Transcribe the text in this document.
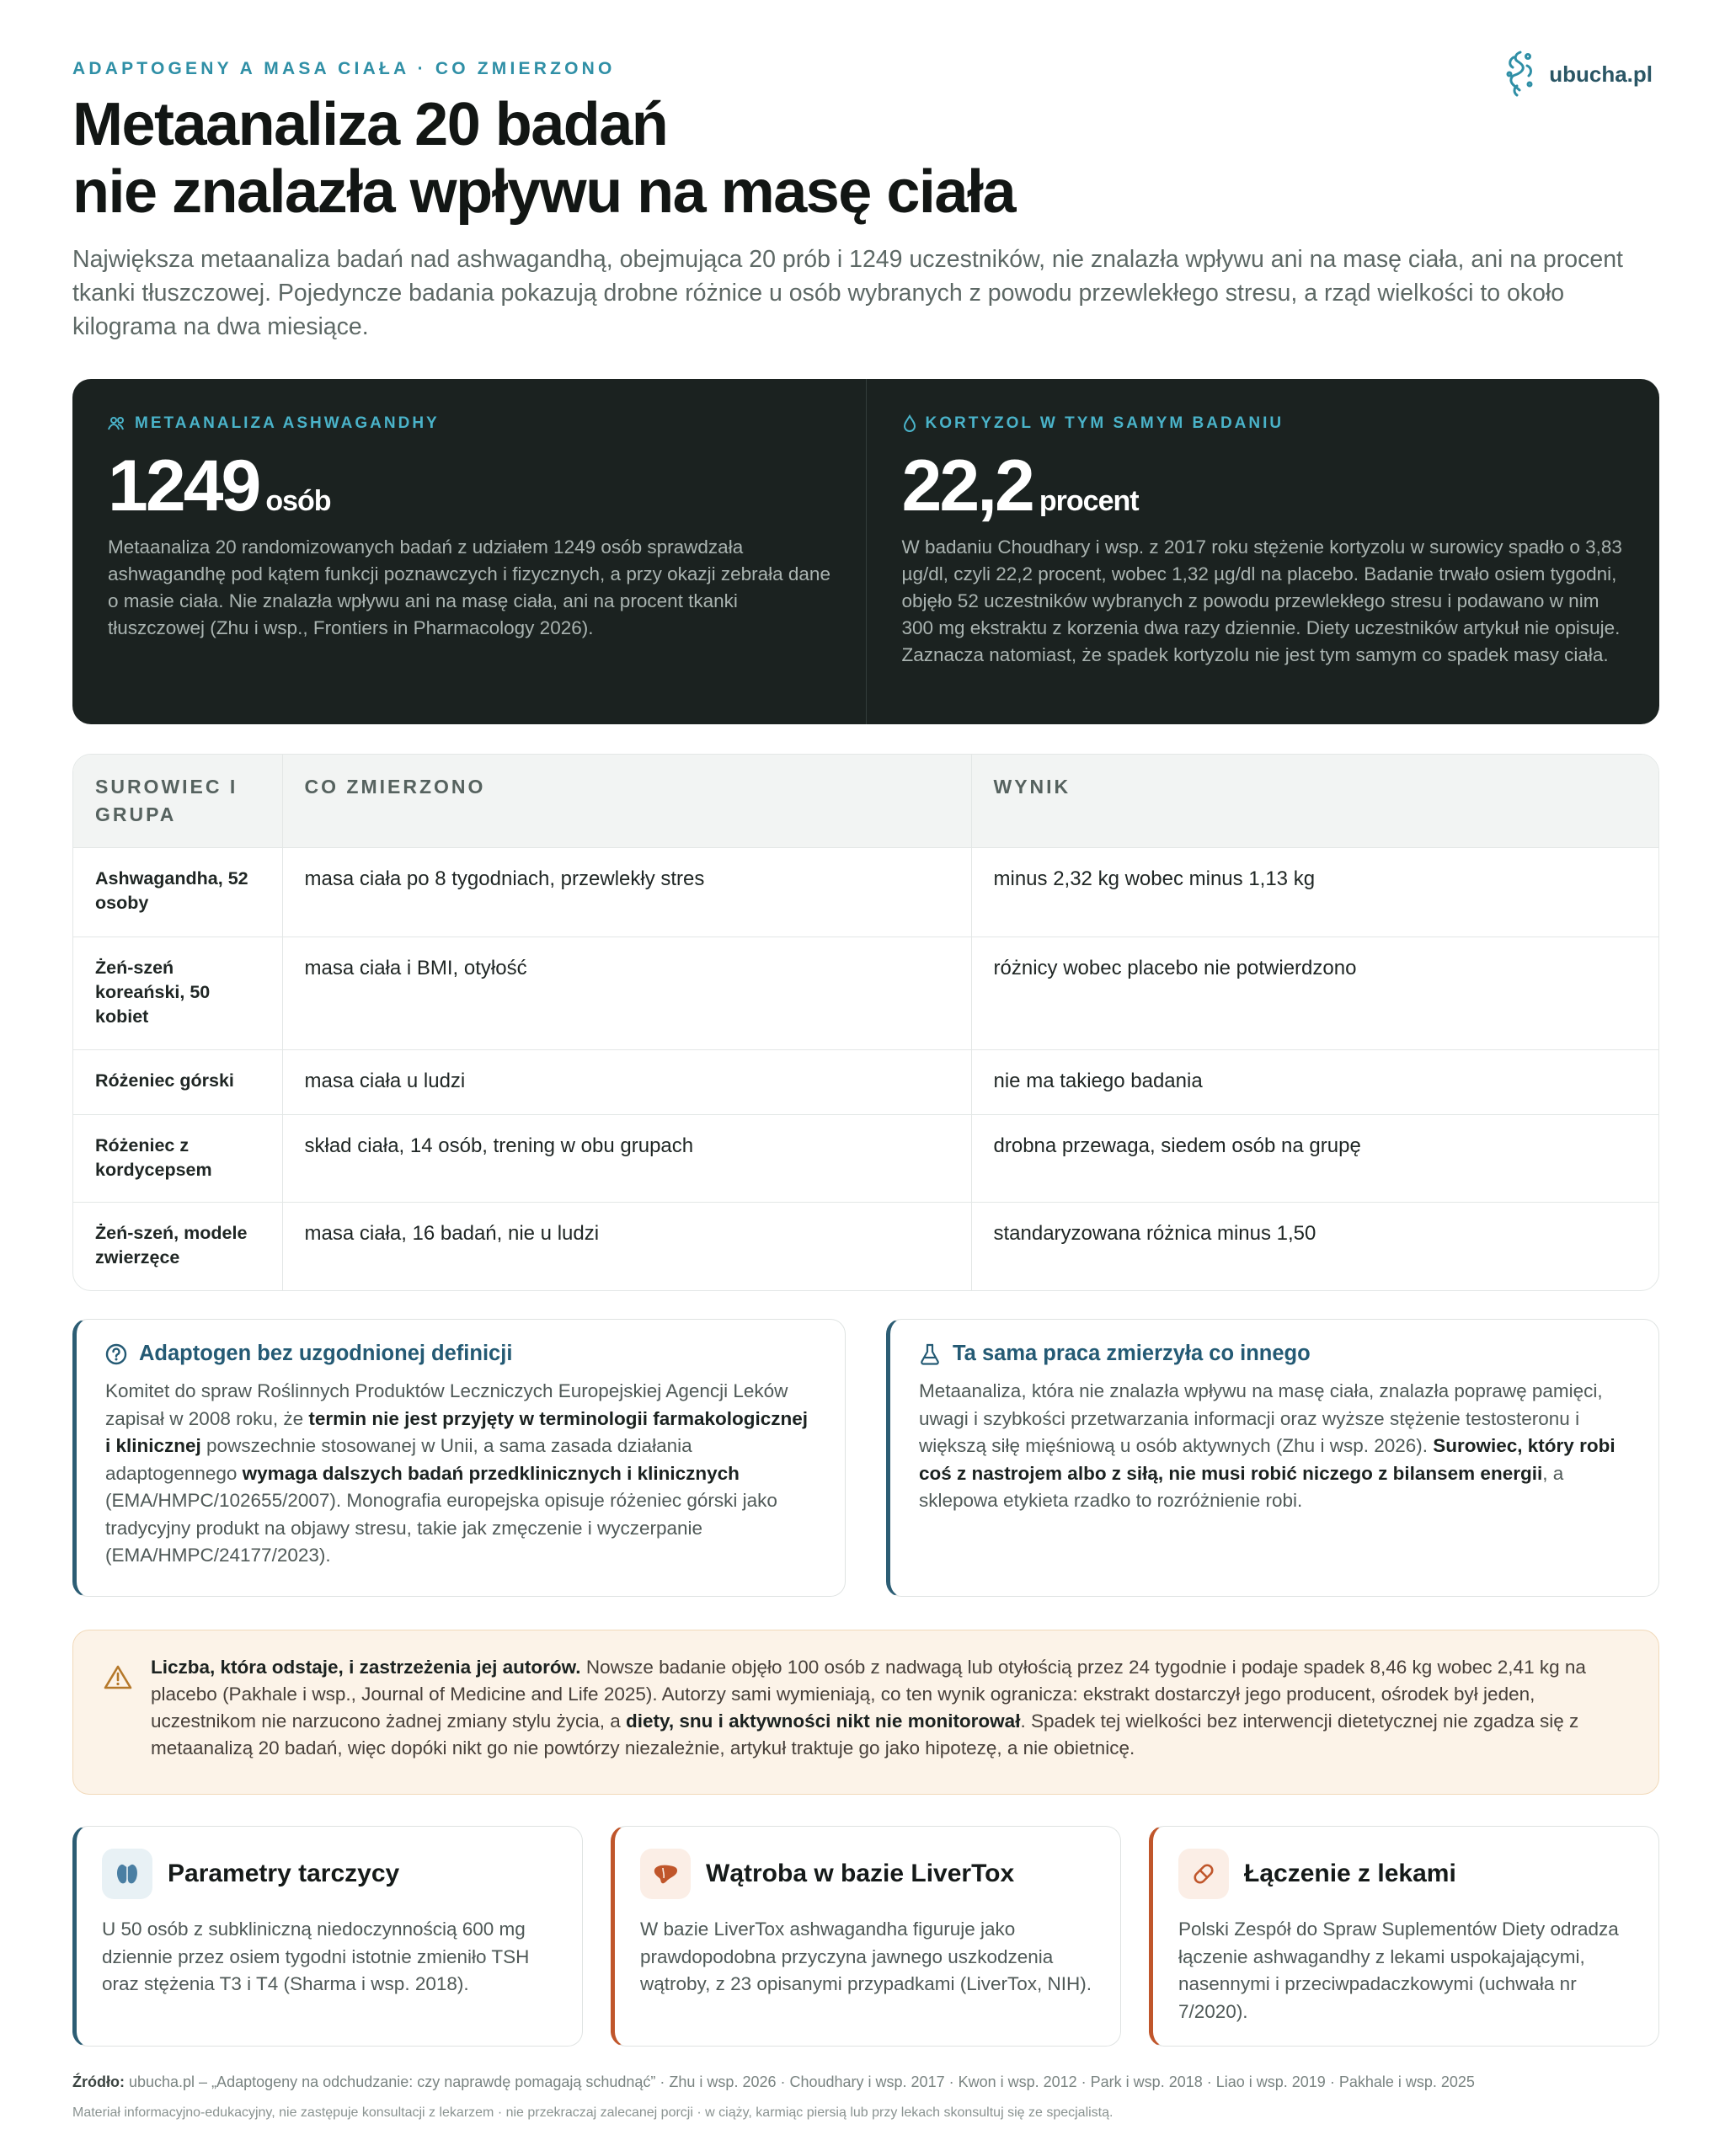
ADAPTOGENY A MASA CIAŁA · CO ZMIERZONO	ubucha.pl
Metaanaliza 20 badań
nie znalazła wpływu na masę ciała

Największa metaanaliza badań nad ashwagandhą, obejmująca 20 prób i 1249 uczestników, nie znalazła wpływu ani na masę ciała, ani na procent tkanki tłuszczowej. Pojedyncze badania pokazują drobne różnice u osób wybranych z powodu przewlekłego stresu, a rząd wielkości to około kilograma na dwa miesiące.

METAANALIZA ASHWAGANDHY
1249 osób
Metaanaliza 20 randomizowanych badań z udziałem 1249 osób sprawdzała ashwagandhę pod kątem funkcji poznawczych i fizycznych, a przy okazji zebrała dane o masie ciała. Nie znalazła wpływu ani na masę ciała, ani na procent tkanki tłuszczowej (Zhu i wsp., Frontiers in Pharmacology 2026).
KORTYZOL W TYM SAMYM BADANIU
22,2 procent
W badaniu Choudhary i wsp. z 2017 roku stężenie kortyzolu w surowicy spadło o 3,83 µg/dl, czyli 22,2 procent, wobec 1,32 µg/dl na placebo. Badanie trwało osiem tygodni, objęło 52 uczestników wybranych z powodu przewlekłego stresu i podawano w nim 300 mg ekstraktu z korzenia dwa razy dziennie. Diety uczestników artykuł nie opisuje. Zaznacza natomiast, że spadek kortyzolu nie jest tym samym co spadek masy ciała.
SUROWIEC I GRUPA	CO ZMIERZONO	WYNIK
Ashwagandha, 52 osoby	masa ciała po 8 tygodniach, przewlekły stres	minus 2,32 kg wobec minus 1,13 kg
Żeń-szeń koreański, 50 kobiet	masa ciała i BMI, otyłość	różnicy wobec placebo nie potwierdzono
Różeniec górski	masa ciała u ludzi	nie ma takiego badania
Różeniec z kordycepsem	skład ciała, 14 osób, trening w obu grupach	drobna przewaga, siedem osób na grupę
Żeń-szeń, modele zwierzęce	masa ciała, 16 badań, nie u ludzi	standaryzowana różnica minus 1,50
Adaptogen bez uzgodnionej definicji

Komitet do spraw Roślinnych Produktów Leczniczych Europejskiej Agencji Leków zapisał w 2008 roku, że termin nie jest przyjęty w terminologii farmakologicznej i klinicznej powszechnie stosowanej w Unii, a sama zasada działania adaptogennego wymaga dalszych badań przedklinicznych i klinicznych (EMA/HMPC/102655/2007). Monografia europejska opisuje różeniec górski jako tradycyjny produkt na objawy stresu, takie jak zmęczenie i wyczerpanie (EMA/HMPC/24177/2023).

Ta sama praca zmierzyła co innego

Metaanaliza, która nie znalazła wpływu na masę ciała, znalazła poprawę pamięci, uwagi i szybkości przetwarzania informacji oraz wyższe stężenie testosteronu i większą siłę mięśniową u osób aktywnych (Zhu i wsp. 2026). Surowiec, który robi coś z nastrojem albo z siłą, nie musi robić niczego z bilansem energii, a sklepowa etykieta rzadko to rozróżnienie robi.

Liczba, która odstaje, i zastrzeżenia jej autorów. Nowsze badanie objęło 100 osób z nadwagą lub otyłością przez 24 tygodnie i podaje spadek 8,46 kg wobec 2,41 kg na placebo (Pakhale i wsp., Journal of Medicine and Life 2025). Autorzy sami wymieniają, co ten wynik ogranicza: ekstrakt dostarczył jego producent, ośrodek był jeden, uczestnikom nie narzucono żadnej zmiany stylu życia, a diety, snu i aktywności nikt nie monitorował. Spadek tej wielkości bez interwencji dietetycznej nie zgadza się z metaanalizą 20 badań, więc dopóki nikt go nie powtórzy niezależnie, artykuł traktuje go jako hipotezę, a nie obietnicę.

Parametry tarczycy

U 50 osób z subkliniczną niedoczynnością 600 mg dziennie przez osiem tygodni istotnie zmieniło TSH oraz stężenia T3 i T4 (Sharma i wsp. 2018).

Wątroba w bazie LiverTox

W bazie LiverTox ashwagandha figuruje jako prawdopodobna przyczyna jawnego uszkodzenia wątroby, z 23 opisanymi przypadkami (LiverTox, NIH).

Łączenie z lekami

Polski Zespół do Spraw Suplementów Diety odradza łączenie ashwagandhy z lekami uspokajającymi, nasennymi i przeciwpadaczkowymi (uchwała nr 7/2020).

Źródło: ubucha.pl – „Adaptogeny na odchudzanie: czy naprawdę pomagają schudnąć” · Zhu i wsp. 2026 · Choudhary i wsp. 2017 · Kwon i wsp. 2012 · Park i wsp. 2018 · Liao i wsp. 2019 · Pakhale i wsp. 2025
Materiał informacyjno-edukacyjny, nie zastępuje konsultacji z lekarzem · nie przekraczaj zalecanej porcji · w ciąży, karmiąc piersią lub przy lekach skonsultuj się ze specjalistą.
